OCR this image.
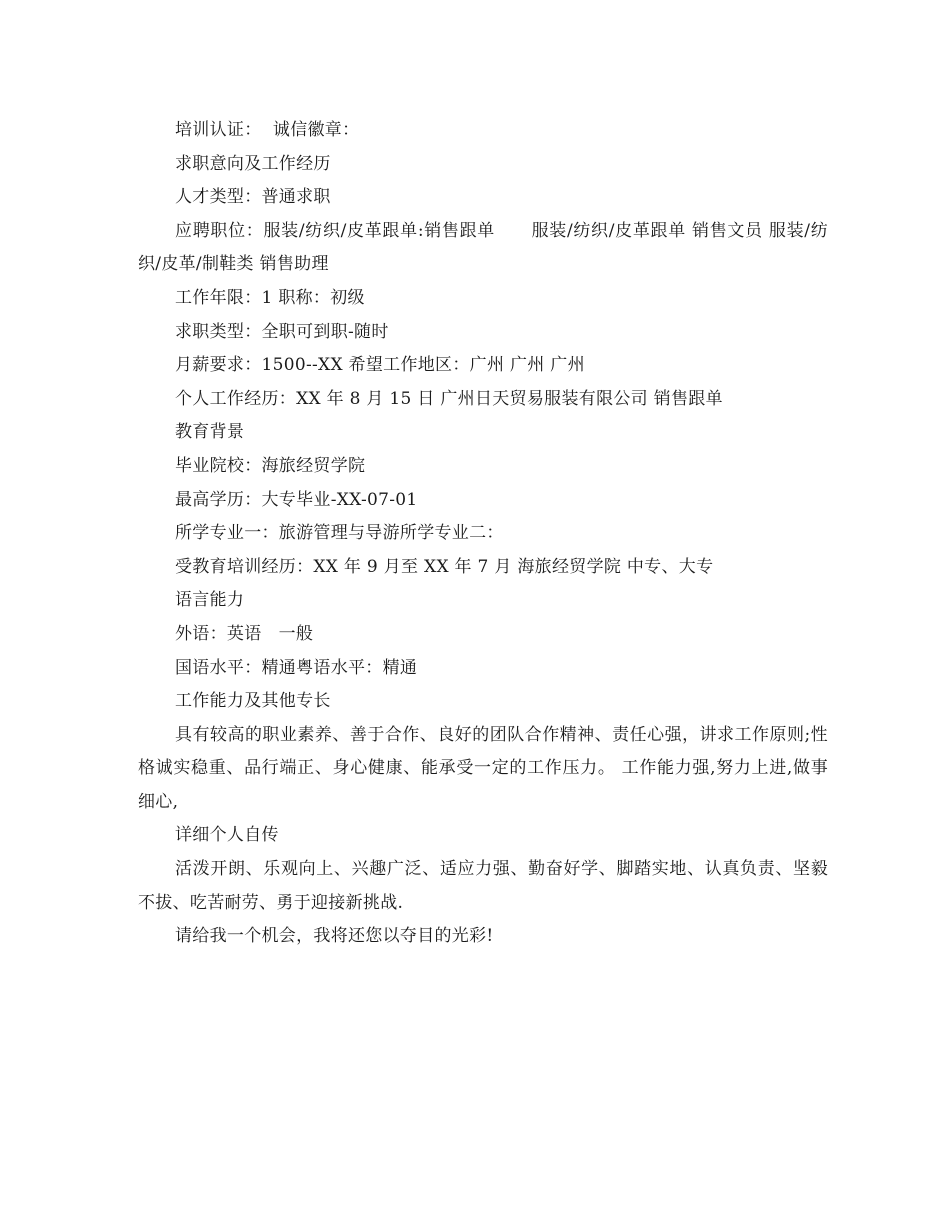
培训认证：  诚信徽章：

求职意向及工作经历

人才类型：普通求职

应聘职位：服装/纺织/皮革跟单:销售跟单      服装/纺织/皮革跟单 销售文员 服装/纺织/皮革/制鞋类 销售助理

工作年限：1 职称：初级

求职类型：全职可到职-随时

月薪要求：1500--XX 希望工作地区：广州 广州 广州

个人工作经历：XX 年 8 月 15 日 广州日天贸易服装有限公司 销售跟单

教育背景

毕业院校：海旅经贸学院

最高学历：大专毕业-XX-07-01

所学专业一：旅游管理与导游所学专业二：

受教育培训经历：XX 年 9 月至 XX 年 7 月 海旅经贸学院 中专、大专

语言能力

外语：英语   一般

国语水平：精通粤语水平：精通

工作能力及其他专长

具有较高的职业素养、善于合作、良好的团队合作精神、责任心强，讲求工作原则;性格诚实稳重、品行端正、身心健康、能承受一定的工作压力。 工作能力强,努力上进,做事细心,

详细个人自传

活泼开朗、乐观向上、兴趣广泛、适应力强、勤奋好学、脚踏实地、认真负责、坚毅不拔、吃苦耐劳、勇于迎接新挑战.

请给我一个机会，我将还您以夺目的光彩!
